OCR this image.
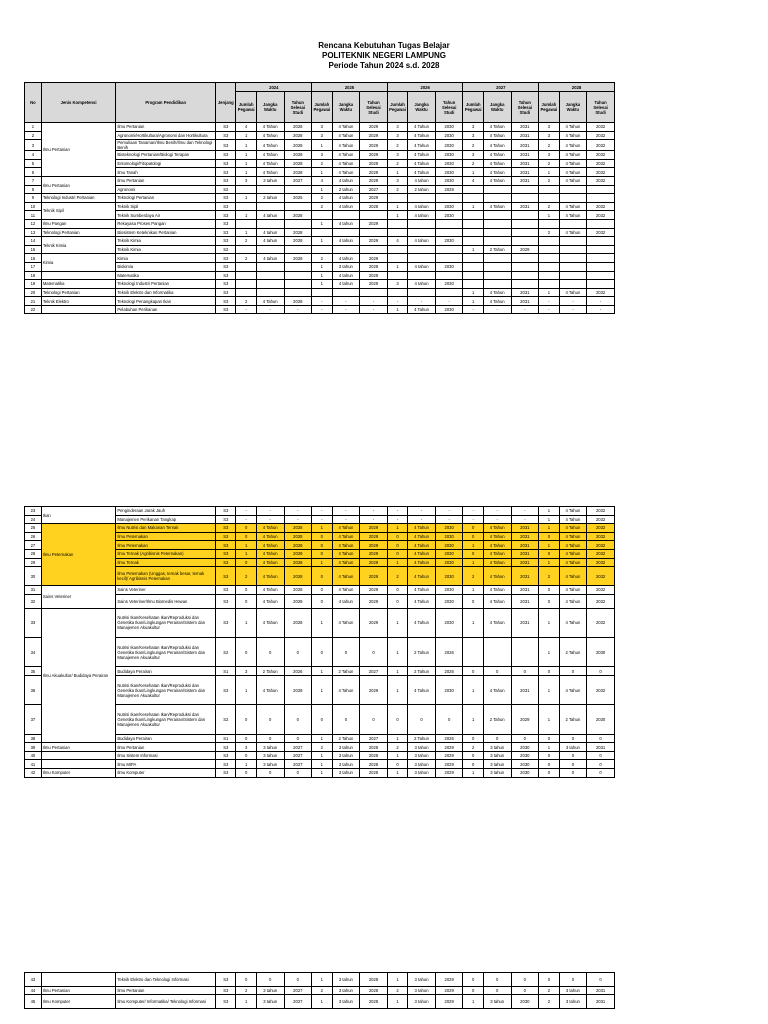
Rencana Kebutuhan Tugas Belajar
POLITEKNIK NEGERI LAMPUNG
Periode Tahun 2024 s.d. 2028
No	Jenis Kompetensi	Program Pendidikan	Jenjang	2024			2025			2026			2027			2028		
				Jumlah Pegawai	Jangka Waktu	Tahun Selesai Studi	Jumlah Pegawai	Jangka Waktu	Tahun Selesai Studi	Jumlah Pegawai	Jangka Waktu	Tahun Selesai Studi	Jumlah Pegawai	Jangka Waktu	Tahun Selesai Studi	Jumlah Pegawai	Jangka Waktu	Tahun Selesai Studi
1	Ilmu Pertanian	Ilmu Pertanian	S3	4	4 Tahun	2028	3	4 Tahun	2029	3	4 Tahun	2030	3	4 Tahun	2031	3	4 Tahun	2032
2		Agronomi/Hortikultura/Agronomi dan Hortikultura	S3	1	4 Tahun	2028	3	4 Tahun	2029	3	4 Tahun	2030	3	4 Tahun	2031	3	4 Tahun	2032
3		Pemuliaan Tanaman/Ilmu Benih/Ilmu dan Teknologi Benih	S3	1	4 Tahun	2028	1	4 Tahun	2029	2	4 Tahun	2030	2	4 Tahun	2031	2	4 Tahun	2032
4		Bioteknologi Pertanian/Biologi Terapan	S3	1	4 Tahun	2028	3	4 Tahun	2029	3	4 Tahun	2030	3	4 Tahun	2031	3	4 Tahun	2032
5		Entomologi/Fitopatologi	S3	1	4 Tahun	2028	2	4 Tahun	2029	2	4 Tahun	2030	2	4 Tahun	2031	2	4 Tahun	2032
6		Ilmu Tanah	S3	1	4 Tahun	2028	1	4 Tahun	2029	1	4 Tahun	2030	1	4 Tahun	2031	1	4 Tahun	2032
7	Ilmu Pertanian	Ilmu Pertanian	S3	3	3 tahun	2027	4	4 tahun	2029	3	4 tahun	2030	4	4 Tahun	2031	2	4 Tahun	2032
8		Agronomi	S2				1	2 tahun	2027	2	2 tahun	2029						
9	Teknologi Industri Pertanian	Teknologi Pertanian	S3	1	2 tahun	2025	2	4 tahun	2029									
10	Teknik Sipil	Teknik Sipil	S3				2	4 tahun	2028	1	4 tahun	2030	1	4 Tahun	2031	2	4 Tahun	2032
11		Teknik Sumberdaya Air	S3	1	4 tahun	2028				1	4 tahun	2030				1	4 Tahun	2032
12	Ilmu Pangan	Rekayasa Proses Pangan	S3				1	4 tahun	2029									
13	Teknologi Pertanian	Biosistem Keteknikan Pertanian	S3	1	4 tahun	2028										2	4 Tahun	2032
14	Teknik Kimia	Teknik Kimia	S3	2	4 tahun	2028	1	4 tahun	2029	4	4 tahun	2030						
15		Teknik Kimia	S2										1	2 Tahun	2029			
16	Kimia	Kimia	S3	2	4 tahun	2028	2	4 tahun	2029									
17		Biokimia	S3				1	3 tahun	2028	1	4 tahun	2030						
18		Matematika	S3				1	4 tahun	2029									
19	Matematika	Teknologi Industri Pertanian	S3				1	4 tahun	2029	3	4 tahun	2030						
20	Teknologi Pertanian	Teknik Elektro dan Informatika	S3										1	4 Tahun	2031	1	4 Tahun	2032
21	Teknik Elektro	Teknologi Penangkapan Ikan	S3	2	4 Tahun	2028	-	-	-	-	-	-	1	4 Tahun	2031	-	-	-
22		Pelabuhan Perikanan	S3	-	-	-	-	-	-	1	4 Tahun	2030	-	-	-	-	-	-
23	Ikan	Penginderaan Jarak Jauh	S3	-	-	-	-	-	-	-	-	-	-	-	-	1	4 Tahun	2032
24		Manajemen Perikanan Tangkap	S3	-	-	-	-	-	-	-	-	-	-	-	-	1	4 Tahun	2032
25	Ilmu Peternakan	Ilmu Nutrisi dan Makanan Ternak	S3	0	4 Tahun	2028	1	4 Tahun	2029	1	4 Tahun	2030	0	4 Tahun	2031	1	4 Tahun	2032
26		Ilmu Peternakan	S3	0	4 Tahun	2028	0	4 Tahun	2029	0	4 Tahun	2030	0	4 Tahun	2031	0	4 Tahun	2032
27		Ilmu Peternakan	S3	1	4 Tahun	2028	0	4 Tahun	2029	0	4 Tahun	2030	1	4 Tahun	2031	1	4 Tahun	2032
28		Ilmu Ternak (Agribisnis Peternakan)	S3	1	4 Tahun	2028	0	4 Tahun	2029	0	4 Tahun	2030	0	4 Tahun	2031	0	4 Tahun	2032
29		Ilmu Ternak	S3	0	4 Tahun	2028	1	4 Tahun	2029	1	4 Tahun	2030	1	4 Tahun	2031	1	4 Tahun	2032
30		Ilmu Peternakan (Unggas, ternak besar, ternak kecil)/ Agribisnis Peternakan	S3	2	4 Tahun	2028	0	4 Tahun	2029	2	4 Tahun	2030	2	4 Tahun	2031	2	4 Tahun	2032
31	Sains Veteriner	Sains Veteriner	S3	0	4 Tahun	2028	0	4 Tahun	2029	0	4 Tahun	2030	1	4 Tahun	2031	0	4 Tahun	2032
32		Sains Veteriner/Ilmu Biomedis Hewan	S3	0	4 Tahun	2028	0	4 tahun	2029	0	4 Tahun	2030	0	4 Tahun	2031	0	4 Tahun	2032
33	Ilmu Akuakultur/ Budidaya Perairan	Nutrisi Ikan/Kesehatan Ikan/Reproduksi dan Genetika Ikan/Lingkungan Perairan/Sistem dan Manajemen Akuakultur	S3	1	4 Tahun	2028	1	4 Tahun	2029	1	4 Tahun	2030	1	4 Tahun	2031	1	4 Tahun	2032
34		Nutrisi Ikan/Kesehatan Ikan/Reproduksi dan Genetika Ikan/Lingkungan Perairan/Sistem dan Manajemen Akuakultur	S2	0	0	0	0	0	0	1	2 Tahun	2026				1	2 Tahun	2030
35		Budidaya Perairan	S1	3	2 Tahun	2026	1	2 Tahun	2027	1	2 Tahun	2026	0	0	0	0	0	0
36		Nutrisi Ikan/Kesehatan Ikan/Reproduksi dan Genetika Ikan/Lingkungan Perairan/Sistem dan Manajemen Akuakultur	S3	1	4 Tahun	2028	1	4 Tahun	2029	1	4 Tahun	2030	1	4 Tahun	2031	1	4 Tahun	2032
37		Nutrisi Ikan/Kesehatan Ikan/Reproduksi dan Genetika Ikan/Lingkungan Perairan/Sistem dan Manajemen Akuakultur	S2	0	0	0	0	0	0	0	0	0	1	2 Tahun	2029	1	2 Tahun	2030
38		Budidaya Perairan	S1	0	0	0	1	2 Tahun	2027	1	2 Tahun	2026	0	0	0	0	0	0
39	Ilmu Pertanian	Ilmu Pertanian	S3	3	3 tahun	2027	2	3 tahun	2028	2	3 tahun	2029	2	3 tahun	2030	1	3 tahun	2031
40		Ilmu Sistem Informasi	S3	0	3 tahun	2027	1	3 tahun	2028	1	3 tahun	2029	0	3 tahun	2030	0	0	0
41		Ilmu MIPA	S3	1	3 tahun	2027	1	3 tahun	2028	0	3 tahun	2029	0	3 tahun	2030	0	0	0
42	Ilmu Komputer	Ilmu Komputer	S3	0	0	0	1	3 tahun	2028	1	3 tahun	2029	1	3 tahun	2030	0	0	0
43		Teknik Elektro dan Teknologi Informasi	S3	0	0	0	1	3 tahun	2028	1	3 tahun	2029	0	0	0	0	0	0
44	Ilmu Pertanian	Ilmu Pertanian	S3	2	3 tahun	2027	2	3 tahun	2028	2	3 tahun	2029	0	0	0	2	3 tahun	2031
45	Ilmu Komputer	Ilmu Komputer/ Informatika/ Teknologi Informasi	S3	1	3 tahun	2027	1	3 tahun	2028	1	3 tahun	2029	1	3 tahun	2030	2	3 tahun	2031
